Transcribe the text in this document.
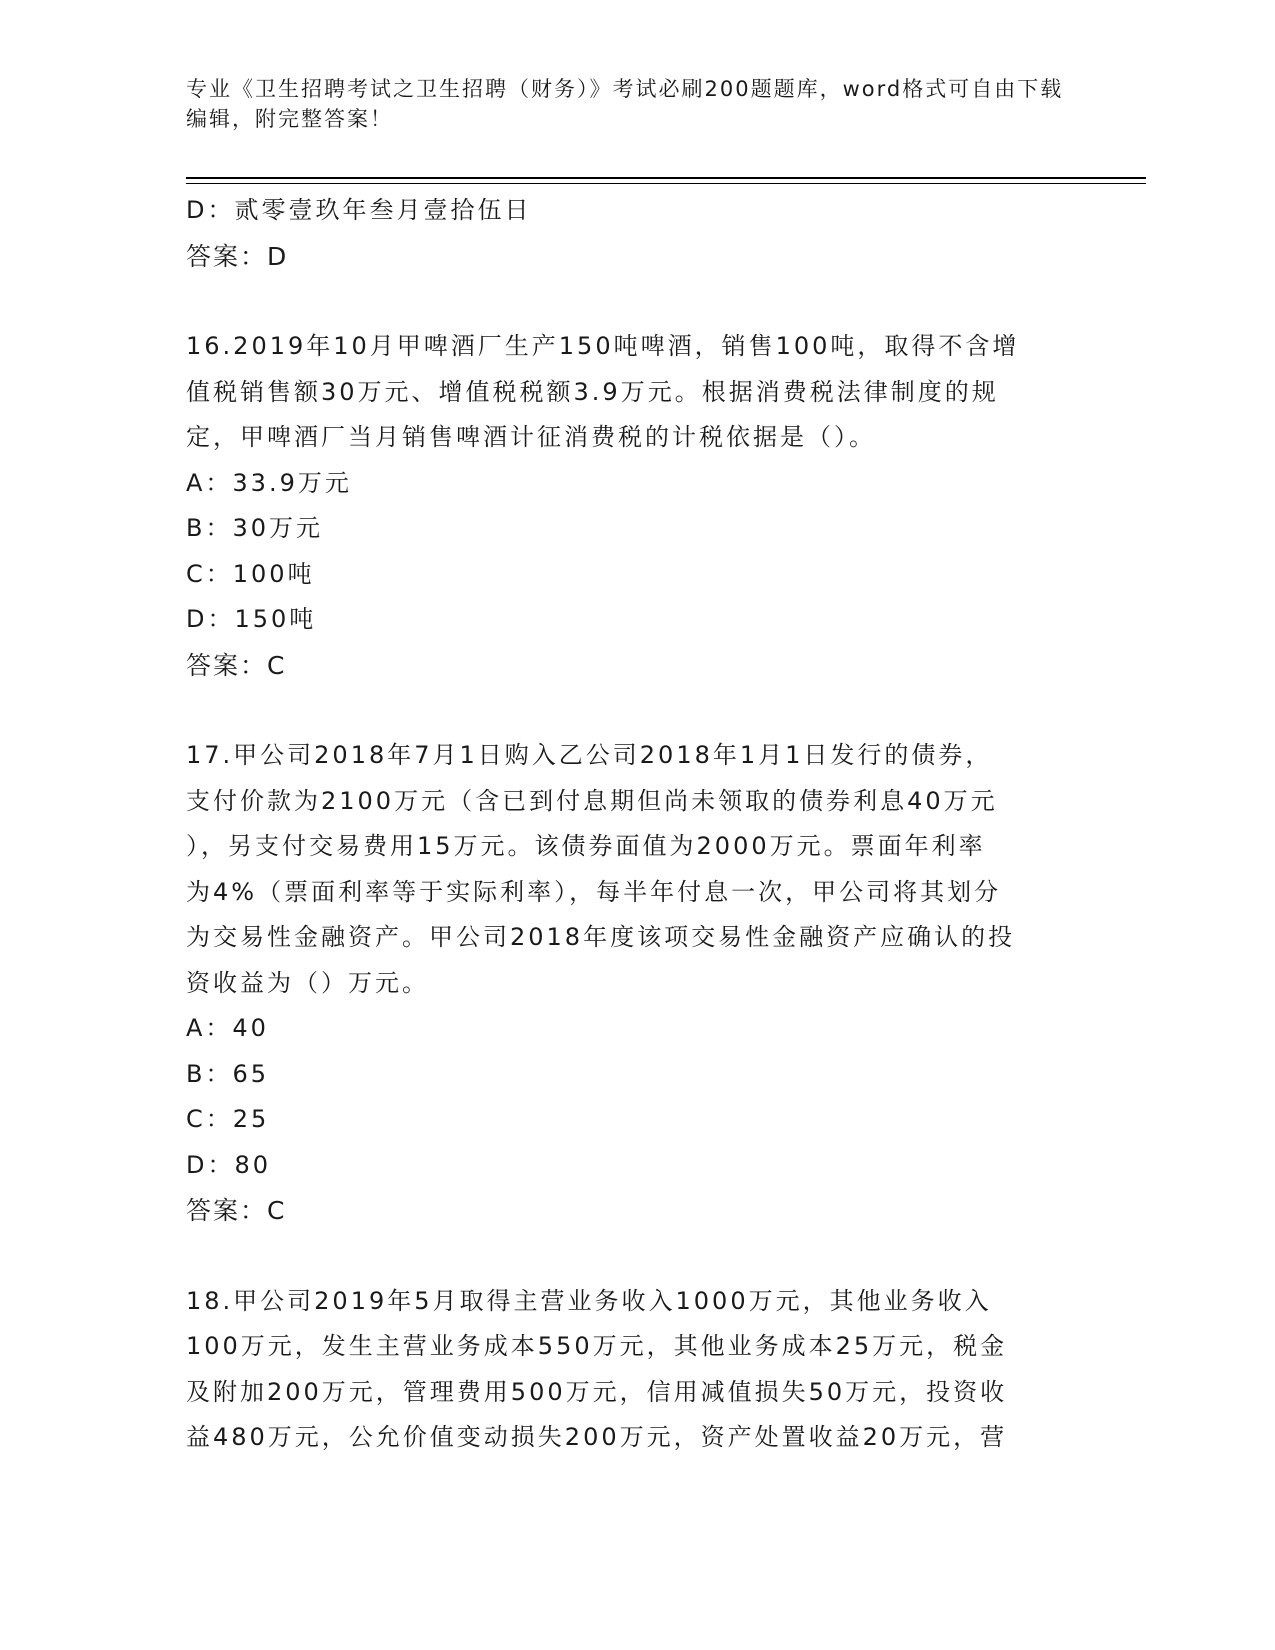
专业《卫生招聘考试之卫生招聘（财务）》考试必刷200题题库，word格式可自由下载编辑，附完整答案！
D：贰零壹玖年叁月壹拾伍日
答案：D
16.2019年10月甲啤酒厂生产150吨啤酒，销售100吨，取得不含增
值税销售额30万元、增值税税额3.9万元。根据消费税法律制度的规
定，甲啤酒厂当月销售啤酒计征消费税的计税依据是（）。
A：33.9万元
B：30万元
C：100吨
D：150吨
答案：C
17.甲公司2018年7月1日购入乙公司2018年1月1日发行的债券，
支付价款为2100万元（含已到付息期但尚未领取的债券利息40万元
），另支付交易费用15万元。该债券面值为2000万元。票面年利率
为4%（票面利率等于实际利率），每半年付息一次，甲公司将其划分
为交易性金融资产。甲公司2018年度该项交易性金融资产应确认的投
资收益为（）万元。
A：40
B：65
C：25
D：80
答案：C
18.甲公司2019年5月取得主营业务收入1000万元，其他业务收入
100万元，发生主营业务成本550万元，其他业务成本25万元，税金
及附加200万元，管理费用500万元，信用减值损失50万元，投资收
益480万元，公允价值变动损失200万元，资产处置收益20万元，营
